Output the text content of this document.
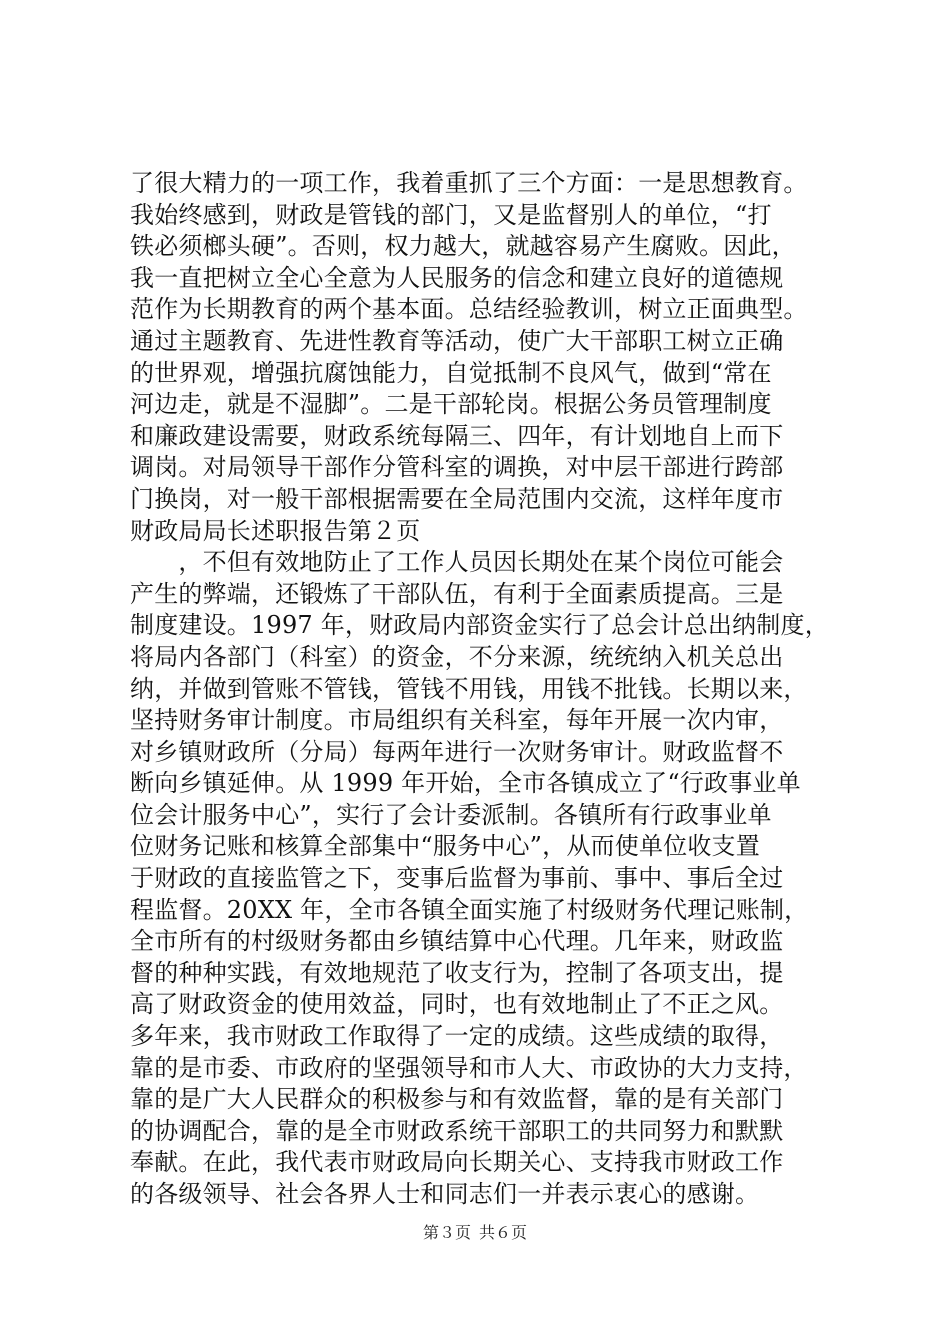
了很大精力的一项工作，我着重抓了三个方面：一是思想教育。
我始终感到，财政是管钱的部门，又是监督别人的单位，“打
铁必须榔头硬”。否则，权力越大，就越容易产生腐败。因此，
我一直把树立全心全意为人民服务的信念和建立良好的道德规
范作为长期教育的两个基本面。总结经验教训，树立正面典型。
通过主题教育、先进性教育等活动，使广大干部职工树立正确
的世界观，增强抗腐蚀能力，自觉抵制不良风气，做到“常在
河边走，就是不湿脚”。二是干部轮岗。根据公务员管理制度
和廉政建设需要，财政系统每隔三、四年，有计划地自上而下
调岗。对局领导干部作分管科室的调换，对中层干部进行跨部
门换岗，对一般干部根据需要在全局范围内交流，这样年度市
财政局局长述职报告第２页
　　，不但有效地防止了工作人员因长期处在某个岗位可能会
产生的弊端，还锻炼了干部队伍，有利于全面素质提高。三是
制度建设。1997 年，财政局内部资金实行了总会计总出纳制度，
将局内各部门（科室）的资金，不分来源，统统纳入机关总出
纳，并做到管账不管钱，管钱不用钱，用钱不批钱。长期以来，
坚持财务审计制度。市局组织有关科室，每年开展一次内审，
对乡镇财政所（分局）每两年进行一次财务审计。财政监督不
断向乡镇延伸。从 1999 年开始，全市各镇成立了“行政事业单
位会计服务中心”，实行了会计委派制。各镇所有行政事业单
位财务记账和核算全部集中“服务中心”，从而使单位收支置
于财政的直接监管之下，变事后监督为事前、事中、事后全过
程监督。20XX 年，全市各镇全面实施了村级财务代理记账制，
全市所有的村级财务都由乡镇结算中心代理。几年来，财政监
督的种种实践，有效地规范了收支行为，控制了各项支出，提
高了财政资金的使用效益，同时，也有效地制止了不正之风。
多年来，我市财政工作取得了一定的成绩。这些成绩的取得，
靠的是市委、市政府的坚强领导和市人大、市政协的大力支持，
靠的是广大人民群众的积极参与和有效监督，靠的是有关部门
的协调配合，靠的是全市财政系统干部职工的共同努力和默默
奉献。在此，我代表市财政局向长期关心、支持我市财政工作
的各级领导、社会各界人士和同志们一并表示衷心的感谢。
第３页 共６页
